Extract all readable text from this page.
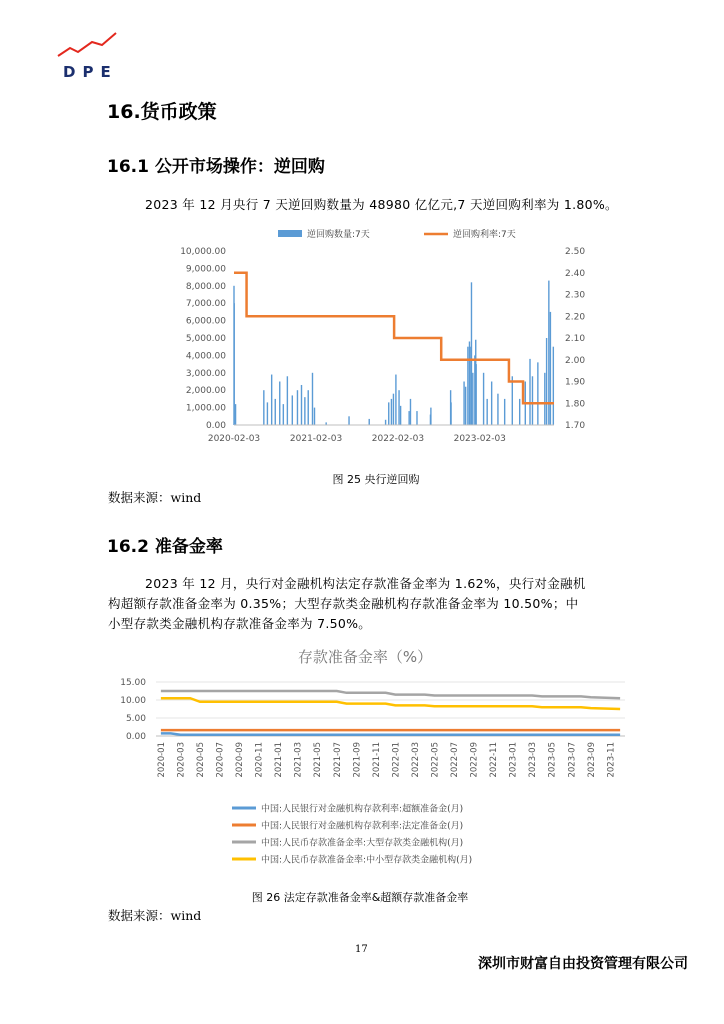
DPE
16.货币政策
16.1 公开市场操作：逆回购
2023 年 12 月央行 7 天逆回购数量为 48980 亿亿元,7 天逆回购利率为 1.80%。
逆回购数量:7天	逆回购利率:7天
10,000.00
9,000.00
8,000.00
7,000.00
6,000.00
5,000.00
4,000.00
3,000.00
2,000.00
1,000.00
0.00
2.50
2.40
2.30
2.20
2.10
2.00
1.90
1.80
1.70
2020-02-03	2021-02-03	2022-02-03	2023-02-03
图 25 央行逆回购
数据来源：wind
16.2 准备金率
2023 年 12 月，央行对金融机构法定存款准备金率为 1.62%，央行对金融机
构超额存款准备金率为 0.35%；大型存款类金融机构存款准备金率为 10.50%；中
小型存款类金融机构存款准备金率为 7.50%。
存款准备金率（%）
15.00
10.00
5.00
0.00
2020-01 2020-03 2020-05 2020-07 2020-09 2020-11 2021-01 2021-03 2021-05 2021-07 2021-09 2021-11 2022-01 2022-03 2022-05 2022-07 2022-09 2022-11 2023-01 2023-03 2023-05 2023-07 2023-09 2023-11
中国:人民银行对金融机构存款利率:超额准备金(月)
中国:人民银行对金融机构存款利率:法定准备金(月)
中国:人民币存款准备金率:大型存款类金融机构(月)
中国:人民币存款准备金率:中小型存款类金融机构(月)
图 26 法定存款准备金率&超额存款准备金率
数据来源：wind
17
深圳市财富自由投资管理有限公司
